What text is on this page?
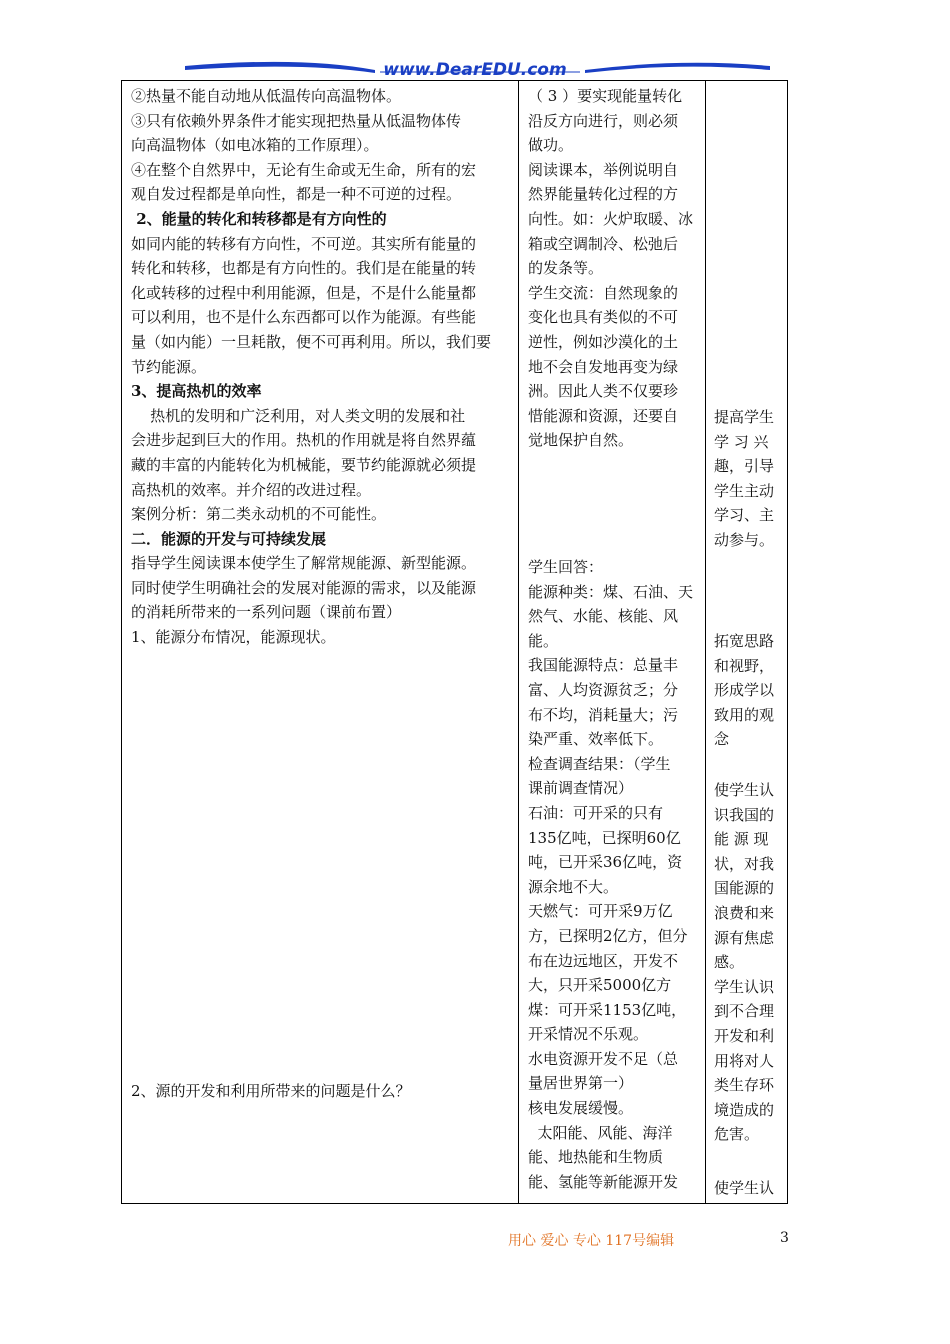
www.DearEDU.com
②热量不能自动地从低温传向高温物体。
③只有依赖外界条件才能实现把热量从低温物体传
向高温物体（如电冰箱的工作原理）。
④在整个自然界中，无论有生命或无生命，所有的宏
观自发过程都是单向性，都是一种不可逆的过程。
2、能量的转化和转移都是有方向性的
如同内能的转移有方向性，不可逆。其实所有能量的
转化和转移，也都是有方向性的。我们是在能量的转
化或转移的过程中利用能源，但是，不是什么能量都
可以利用，也不是什么东西都可以作为能源。有些能
量（如内能）一旦耗散，便不可再利用。所以，我们要
节约能源。
3、提高热机的效率
热机的发明和广泛利用，对人类文明的发展和社
会进步起到巨大的作用。热机的作用就是将自然界蕴
藏的丰富的内能转化为机械能，要节约能源就必须提
高热机的效率。并介绍的改进过程。
案例分析：第二类永动机的不可能性。
二．能源的开发与可持续发展
指导学生阅读课本使学生了解常规能源、新型能源。
同时使学生明确社会的发展对能源的需求，以及能源
的消耗所带来的一系列问题（课前布置）
1、能源分布情况，能源现状。
2、源的开发和利用所带来的问题是什么？
（ 3 ）要实现能量转化
沿反方向进行，则必须
做功。
阅读课本，举例说明自
然界能量转化过程的方
向性。如：火炉取暖、冰
箱或空调制冷、松弛后
的发条等。
学生交流：自然现象的
变化也具有类似的不可
逆性，例如沙漠化的土
地不会自发地再变为绿
洲。因此人类不仅要珍
惜能源和资源，还要自
觉地保护自然。
学生回答：
能源种类：煤、石油、天
然气、水能、核能、风
能。
我国能源特点：总量丰
富、人均资源贫乏；分
布不均，消耗量大；污
染严重、效率低下。
检查调查结果：（学生
课前调查情况）
石油：可开采的只有
135亿吨，已探明60亿
吨，已开采36亿吨，资
源余地不大。
天燃气：可开采9万亿
方，已探明2亿方，但分
布在边远地区，开发不
大，只开采5000亿方
煤：可开采1153亿吨，
开采情况不乐观。
水电资源开发不足（总
量居世界第一）
核电发展缓慢。
太阳能、风能、海洋
能、地热能和生物质
能、氢能等新能源开发
提高学生
学 习 兴
趣，引导
学生主动
学习、主
动参与。
拓宽思路
和视野，
形成学以
致用的观
念
使学生认
识我国的
能 源 现
状，对我
国能源的
浪费和来
源有焦虑
感。
学生认识
到不合理
开发和利
用将对人
类生存环
境造成的
危害。
使学生认
用心 爱心 专心 117号编辑	3
